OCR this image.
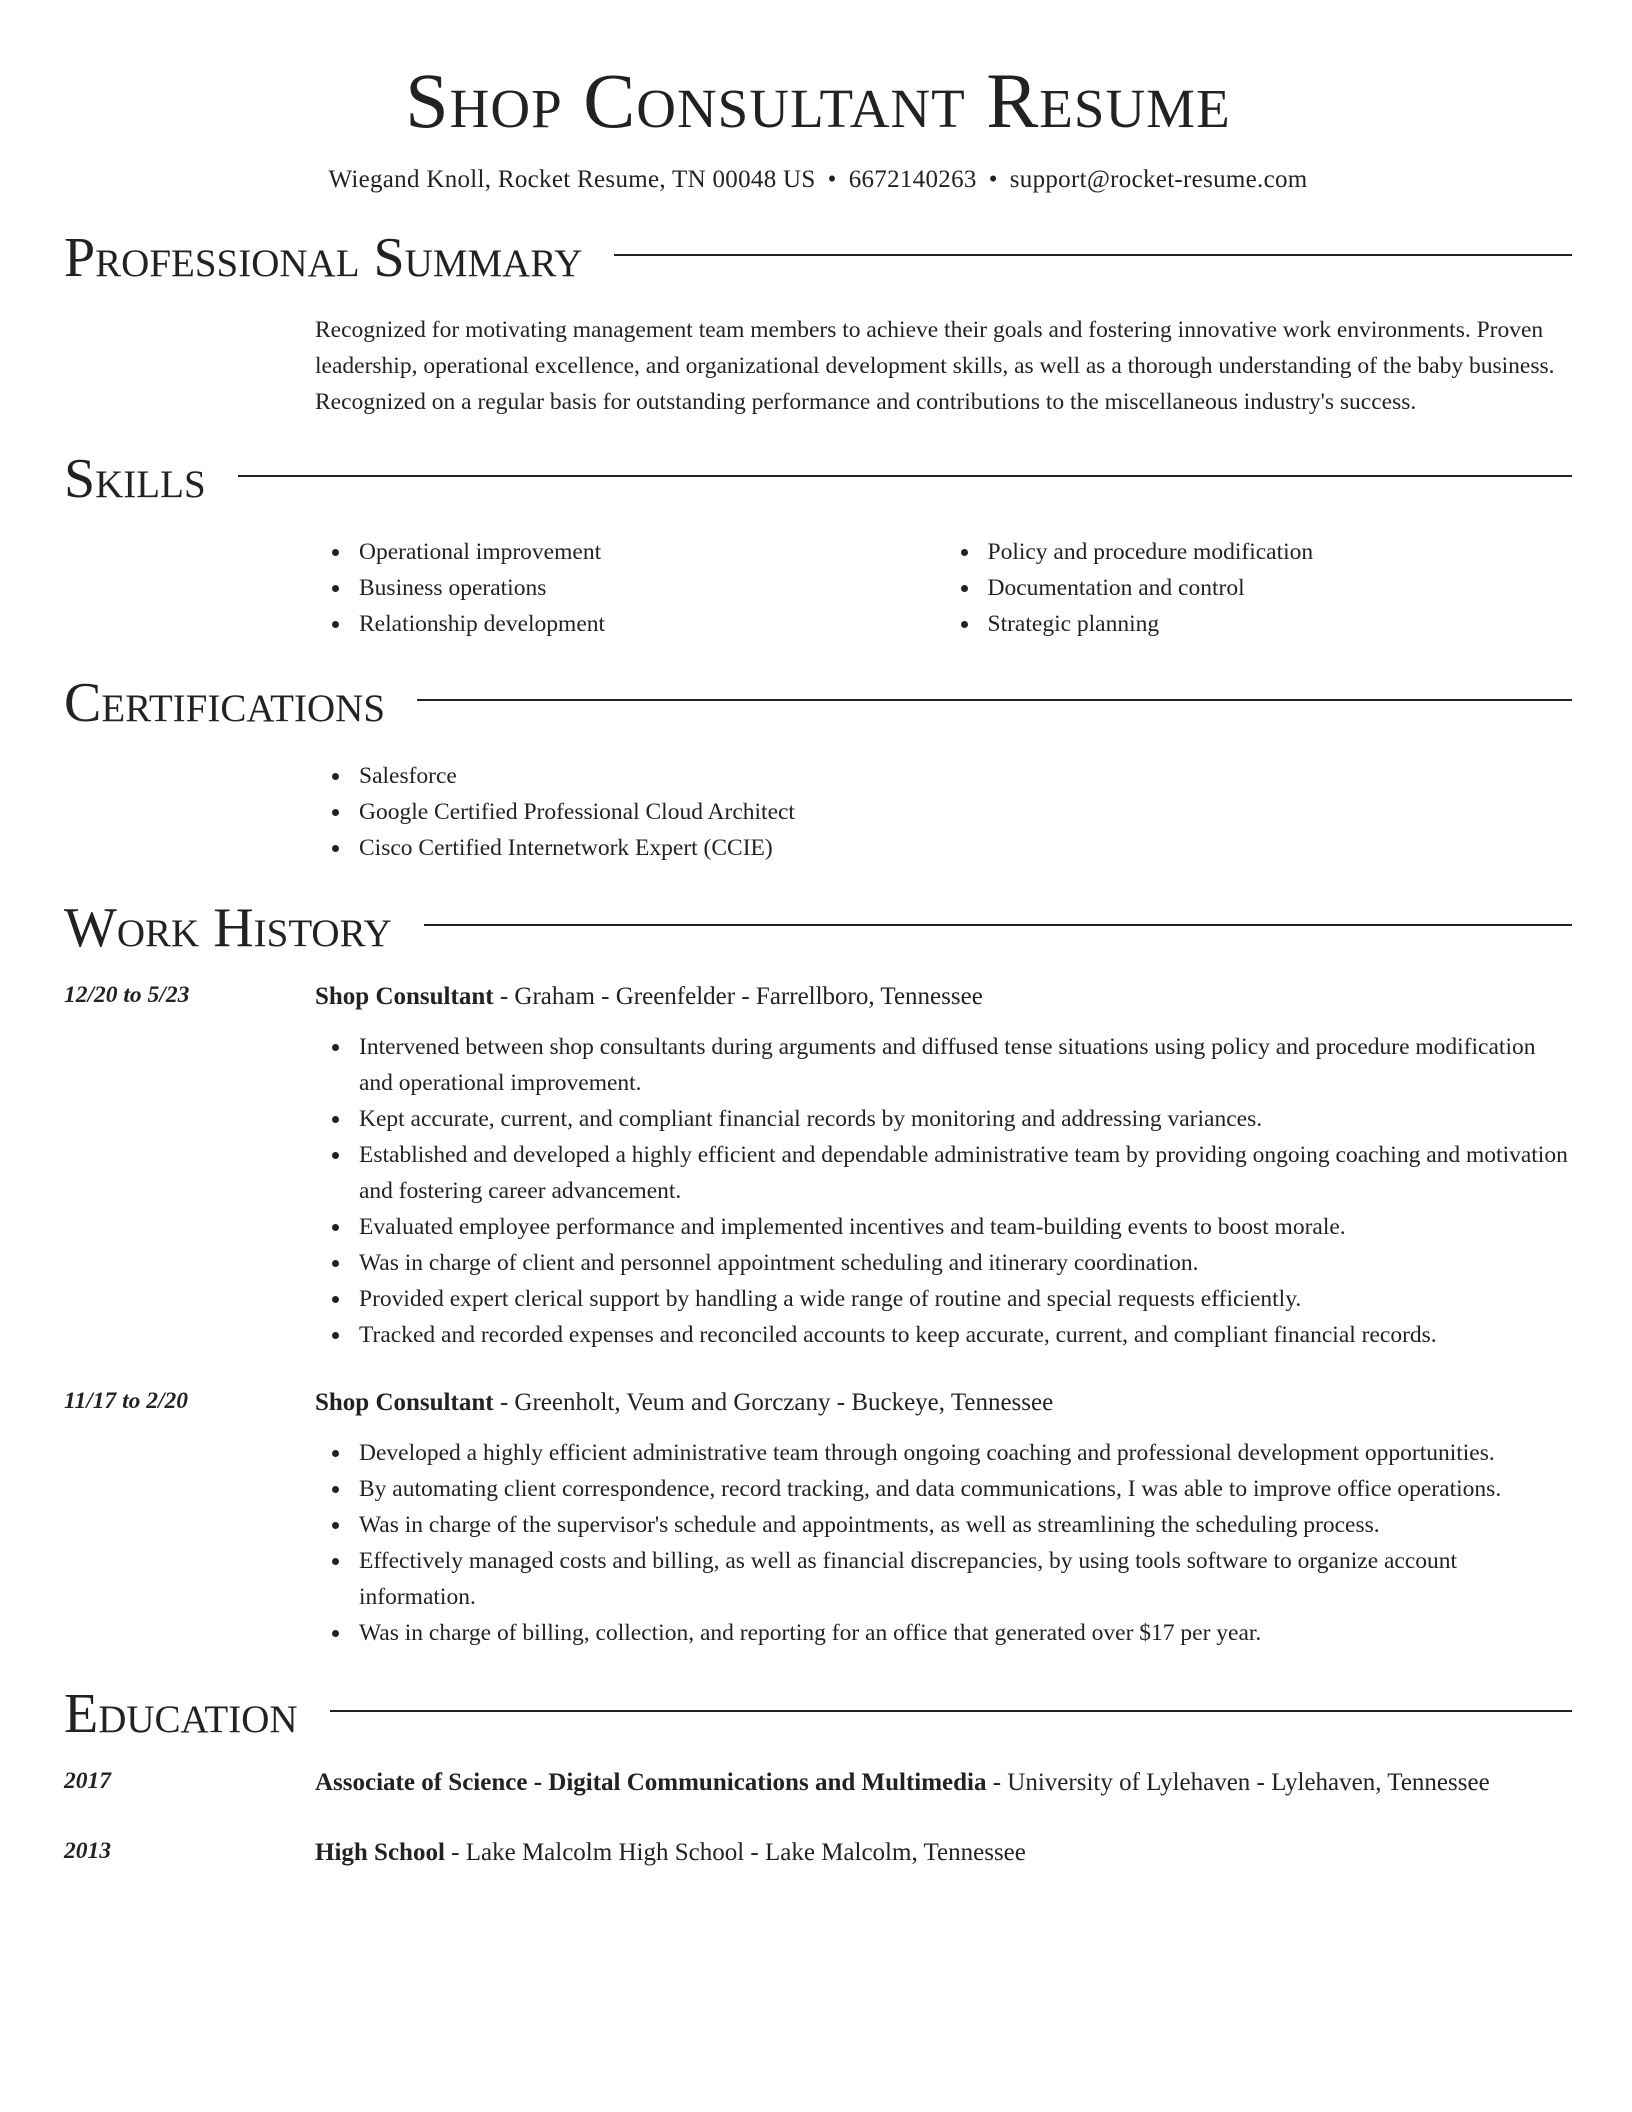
Shop Consultant Resume
Wiegand Knoll, Rocket Resume, TN 00048 US • 6672140263 • support@rocket-resume.com
Professional Summary
Recognized for motivating management team members to achieve their goals and fostering innovative work environments. Proven leadership, operational excellence, and organizational development skills, as well as a thorough understanding of the baby business. Recognized on a regular basis for outstanding performance and contributions to the miscellaneous industry's success.
Skills
Operational improvement
Business operations
Relationship development
Policy and procedure modification
Documentation and control
Strategic planning
Certifications
Salesforce
Google Certified Professional Cloud Architect
Cisco Certified Internetwork Expert (CCIE)
Work History
12/20 to 5/23	Shop Consultant - Graham - Greenfelder - Farrellboro, Tennessee
Intervened between shop consultants during arguments and diffused tense situations using policy and procedure modification and operational improvement.
Kept accurate, current, and compliant financial records by monitoring and addressing variances.
Established and developed a highly efficient and dependable administrative team by providing ongoing coaching and motivation and fostering career advancement.
Evaluated employee performance and implemented incentives and team-building events to boost morale.
Was in charge of client and personnel appointment scheduling and itinerary coordination.
Provided expert clerical support by handling a wide range of routine and special requests efficiently.
Tracked and recorded expenses and reconciled accounts to keep accurate, current, and compliant financial records.
11/17 to 2/20	Shop Consultant - Greenholt, Veum and Gorczany - Buckeye, Tennessee
Developed a highly efficient administrative team through ongoing coaching and professional development opportunities.
By automating client correspondence, record tracking, and data communications, I was able to improve office operations.
Was in charge of the supervisor's schedule and appointments, as well as streamlining the scheduling process.
Effectively managed costs and billing, as well as financial discrepancies, by using tools software to organize account information.
Was in charge of billing, collection, and reporting for an office that generated over $17 per year.
Education
2017	Associate of Science - Digital Communications and Multimedia - University of Lylehaven - Lylehaven, Tennessee
2013	High School - Lake Malcolm High School - Lake Malcolm, Tennessee
